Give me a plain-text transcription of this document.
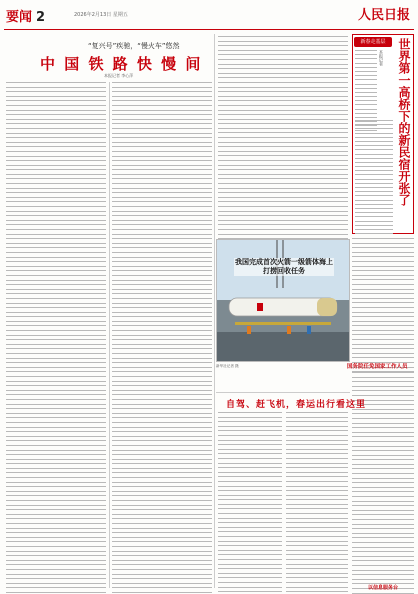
要闻 2	2026年2月13日 星期五	人民日报
“复兴号”疾驰，“慢火车”悠然
中 国 铁 路 快 慢 间
本报记者 李心萍
我国完成首次火箭一级箭体海上打捞回收任务
新华社记者 摄
新春走基层 世界第一高桥下的新民宿开张了
本报记者
国务院任免国家工作人员
自驾、赶飞机，春运出行看这里
以信息服务台
